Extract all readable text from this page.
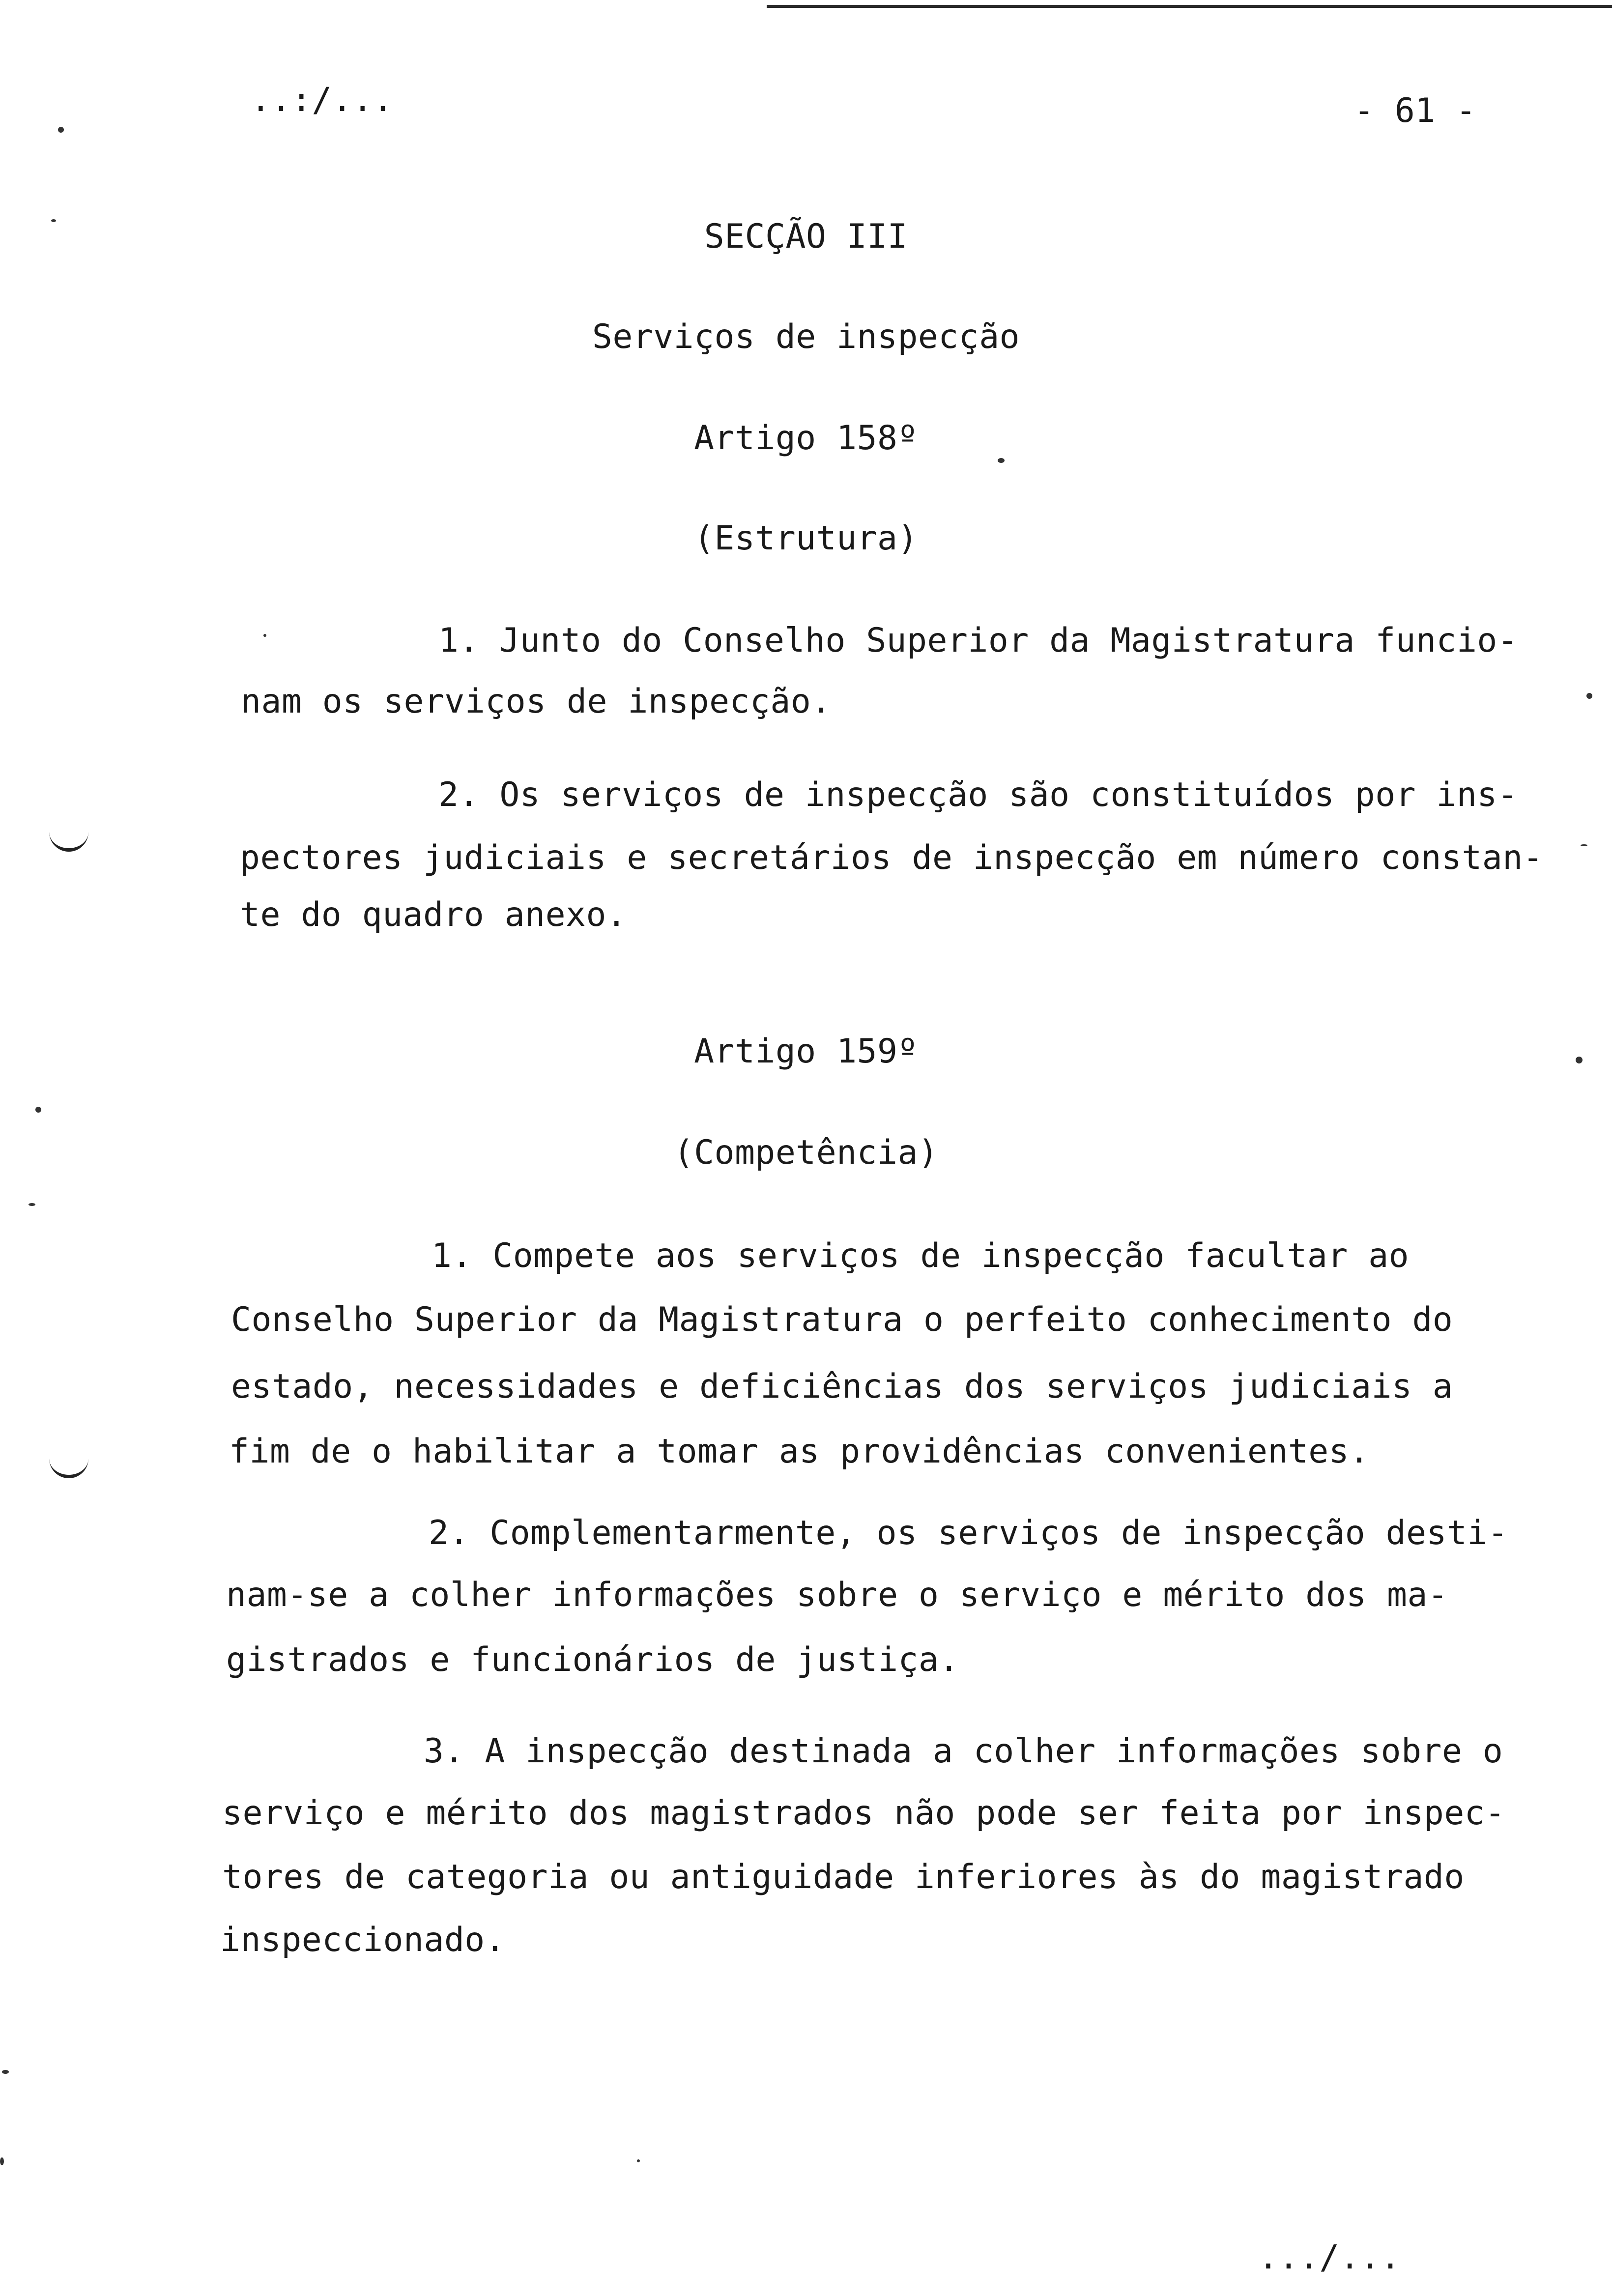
..:/...	- 61 -
SECÇÃO III
Serviços de inspecção
Artigo 158º
(Estrutura)
1. Junto do Conselho Superior da Magistratura funcio-
nam os serviços de inspecção.
2. Os serviços de inspecção são constituídos por ins-
pectores judiciais e secretários de inspecção em número constan-
te do quadro anexo.
Artigo 159º
(Competência)
1. Compete aos serviços de inspecção facultar ao
Conselho Superior da Magistratura o perfeito conhecimento do
estado, necessidades e deficiências dos serviços judiciais a
fim de o habilitar a tomar as providências convenientes.
2. Complementarmente, os serviços de inspecção desti-
nam-se a colher informações sobre o serviço e mérito dos ma-
gistrados e funcionários de justiça.
3. A inspecção destinada a colher informações sobre o
serviço e mérito dos magistrados não pode ser feita por inspec-
tores de categoria ou antiguidade inferiores às do magistrado
inspeccionado.
.../...
